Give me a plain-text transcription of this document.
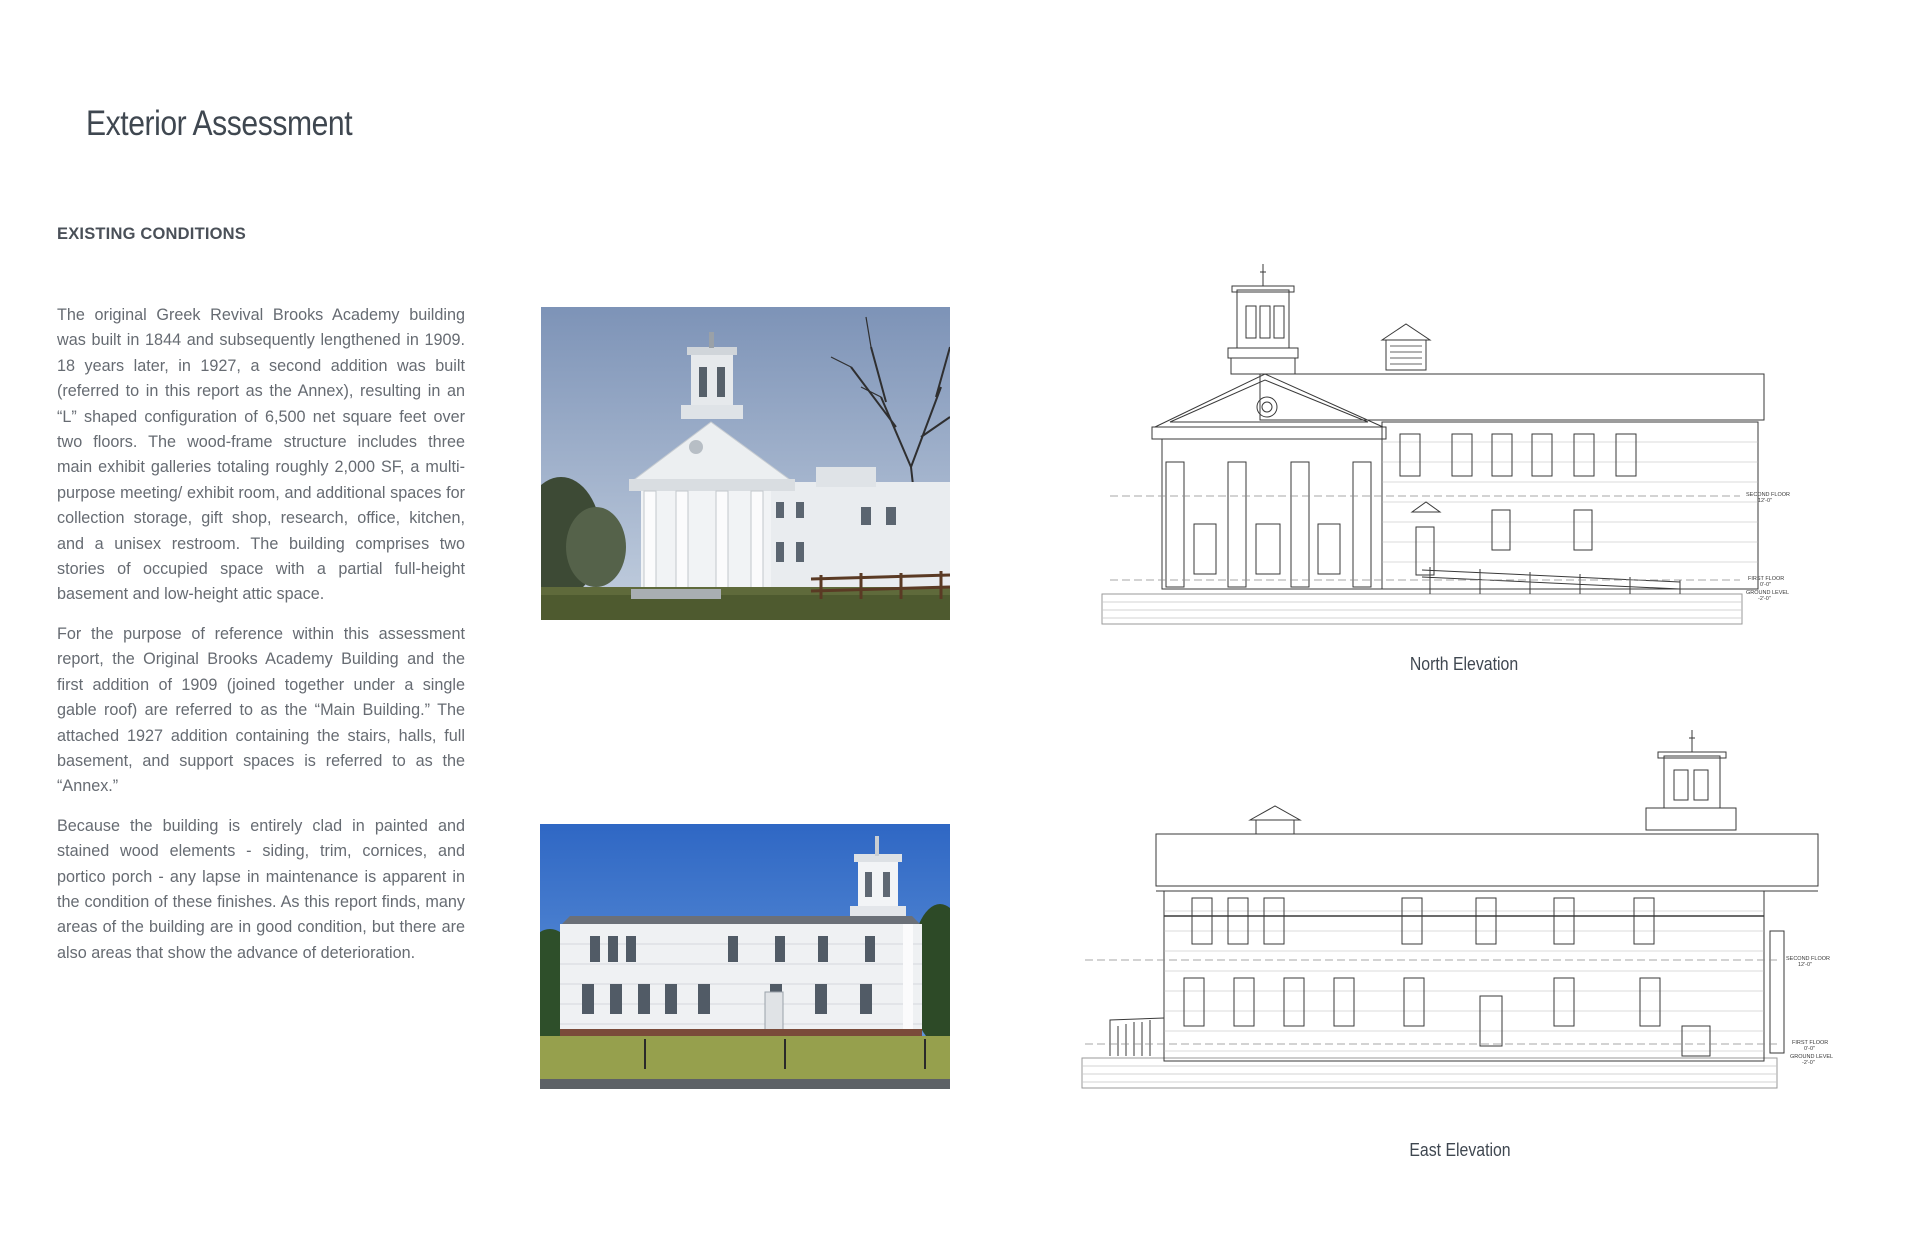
Exterior Assessment
EXISTING CONDITIONS

The original Greek Revival Brooks Academy building was built in 1844 and subsequently lengthened in 1909. 18 years later, in 1927, a second addition was built (referred to in this report as the Annex), resulting in an “L” shaped configuration of 6,500 net square feet over two floors. The wood-frame structure includes three main exhibit galleries totaling roughly 2,000 SF, a multi-purpose meeting/ exhibit room, and additional spaces for collection storage, gift shop, research, office, kitchen, and a unisex restroom. The building comprises two stories of occupied space with a partial full-height basement and low-height attic space.

For the purpose of reference within this assessment report, the Original Brooks Academy Building and the first addition of 1909 (joined together under a single gable roof) are referred to as the “Main Building.” The attached 1927 addition containing the stairs, halls, full basement, and support spaces is referred to as the “Annex.”

Because the building is entirely clad in painted and stained wood elements - siding, trim, cornices, and portico porch - any lapse in maintenance is apparent in the condition of these finishes. As this report finds, many areas of the building are in good condition, but there are also areas that show the advance of deterioration.

SECOND FLOOR
12'-0"
FIRST FLOOR
0'-0"
GROUND LEVEL
-2'-0"
North Elevation
SECOND FLOOR
12'-0"
FIRST FLOOR
0'-0"
GROUND LEVEL
-2'-0"
East Elevation
